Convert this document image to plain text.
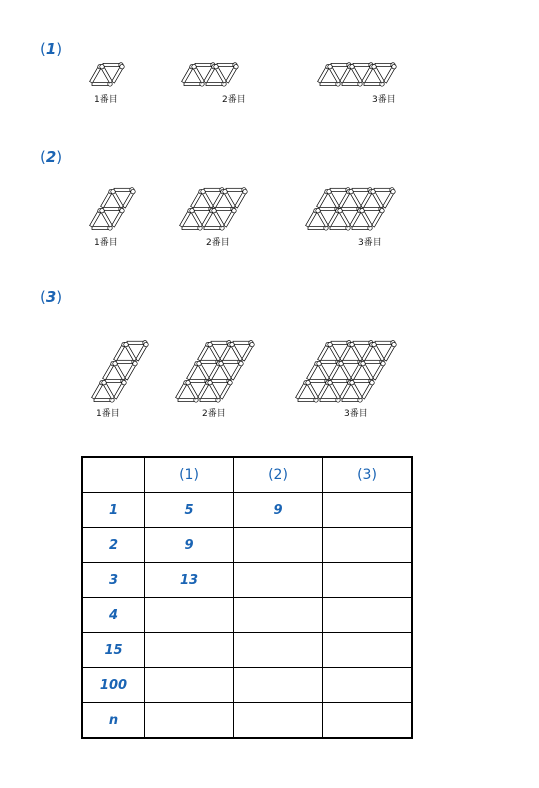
(1)
(2)
(3)
1番目	2番目	3番目
1番目	2番目	3番目
1番目	2番目	3番目
	(1)	(2)	(3)
1	5	9	
2	9		
3	13		
4			
15			
100			
n			
